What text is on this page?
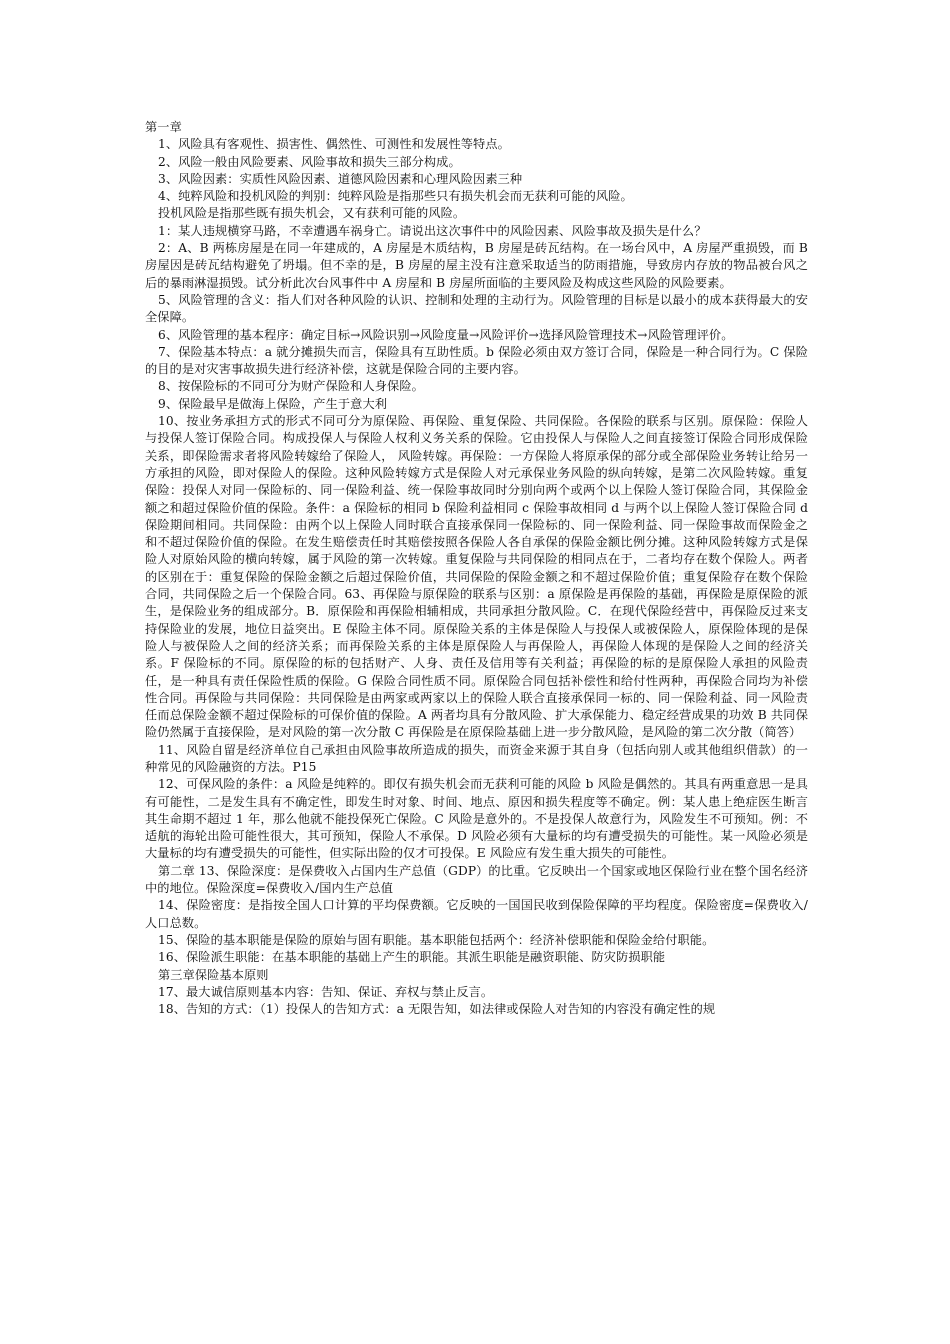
第一章

1、风险具有客观性、损害性、偶然性、可测性和发展性等特点。

2、风险一般由风险要素、风险事故和损失三部分构成。

3、风险因素：实质性风险因素、道德风险因素和心理风险因素三种

4、纯粹风险和投机风险的判别：纯粹风险是指那些只有损失机会而无获利可能的风险。

投机风险是指那些既有损失机会，又有获利可能的风险。

1：某人违规横穿马路，不幸遭遇车祸身亡。请说出这次事件中的风险因素、风险事故及损失是什么？

2：A、B 两栋房屋是在同一年建成的，A 房屋是木质结构，B 房屋是砖瓦结构。在一场台风中，A 房屋严重损毁，而 B 房屋因是砖瓦结构避免了坍塌。但不幸的是，B 房屋的屋主没有注意采取适当的防雨措施，导致房内存放的物品被台风之后的暴雨淋湿损毁。试分析此次台风事件中 A 房屋和 B 房屋所面临的主要风险及构成这些风险的风险要素。

5、风险管理的含义：指人们对各种风险的认识、控制和处理的主动行为。风险管理的目标是以最小的成本获得最大的安全保障。

6、风险管理的基本程序：确定目标→风险识别→风险度量→风险评价→选择风险管理技术→风险管理评价。

7、保险基本特点：a 就分摊损失而言，保险具有互助性质。b 保险必须由双方签订合同，保险是一种合同行为。C 保险的目的是对灾害事故损失进行经济补偿，这就是保险合同的主要内容。

8、按保险标的不同可分为财产保险和人身保险。

9、保险最早是做海上保险，产生于意大利

10、按业务承担方式的形式不同可分为原保险、再保险、重复保险、共同保险。各保险的联系与区别。原保险：保险人与投保人签订保险合同。构成投保人与保险人权利义务关系的保险。它由投保人与保险人之间直接签订保险合同形成保险关系，即保险需求者将风险转嫁给了保险人， 风险转嫁。再保险：一方保险人将原承保的部分或全部保险业务转让给另一方承担的风险，即对保险人的保险。这种风险转嫁方式是保险人对元承保业务风险的纵向转嫁，是第二次风险转嫁。重复保险：投保人对同一保险标的、同一保险利益、统一保险事故同时分别向两个或两个以上保险人签订保险合同，其保险金额之和超过保险价值的保险。条件：a 保险标的相同 b 保险利益相同 c 保险事故相同 d 与两个以上保险人签订保险合同 d 保险期间相同。共同保险：由两个以上保险人同时联合直接承保同一保险标的、同一保险利益、同一保险事故而保险金之和不超过保险价值的保险。在发生赔偿责任时其赔偿按照各保险人各自承保的保险金额比例分摊。这种风险转嫁方式是保险人对原始风险的横向转嫁，属于风险的第一次转嫁。重复保险与共同保险的相同点在于，二者均存在数个保险人。两者的区别在于：重复保险的保险金额之后超过保险价值，共同保险的保险金额之和不超过保险价值；重复保险存在数个保险合同，共同保险之后一个保险合同。63、再保险与原保险的联系与区别：a 原保险是再保险的基础，再保险是原保险的派生，是保险业务的组成部分。B．原保险和再保险相辅相成，共同承担分散风险。C．在现代保险经营中，再保险反过来支持保险业的发展，地位日益突出。E 保险主体不同。原保险关系的主体是保险人与投保人或被保险人，原保险体现的是保险人与被保险人之间的经济关系；而再保险关系的主体是原保险人与再保险人，再保险人体现的是保险人之间的经济关系。F 保险标的不同。原保险的标的包括财产、人身、责任及信用等有关利益；再保险的标的是原保险人承担的风险责任，是一种具有责任保险性质的保险。G 保险合同性质不同。原保险合同包括补偿性和给付性两种，再保险合同均为补偿性合同。再保险与共同保险：共同保险是由两家或两家以上的保险人联合直接承保同一标的、同一保险利益、同一风险责任而总保险金额不超过保险标的可保价值的保险。A 两者均具有分散风险、扩大承保能力、稳定经营成果的功效 B 共同保险仍然属于直接保险，是对风险的第一次分散 C 再保险是在原保险基础上进一步分散风险，是风险的第二次分散（简答）

11、风险自留是经济单位自己承担由风险事故所造成的损失，而资金来源于其自身（包括向别人或其他组织借款）的一种常见的风险融资的方法。P15

12、可保风险的条件：a 风险是纯粹的。即仅有损失机会而无获利可能的风险 b 风险是偶然的。其具有两重意思一是具有可能性，二是发生具有不确定性，即发生时对象、时间、地点、原因和损失程度等不确定。例：某人患上绝症医生断言其生命期不超过 1 年，那么他就不能投保死亡保险。C 风险是意外的。不是投保人故意行为，风险发生不可预知。例：不适航的海轮出险可能性很大，其可预知，保险人不承保。D 风险必须有大量标的均有遭受损失的可能性。某一风险必须是大量标的均有遭受损失的可能性，但实际出险的仅才可投保。E 风险应有发生重大损失的可能性。

第二章 13、保险深度：是保费收入占国内生产总值（GDP）的比重。它反映出一个国家或地区保险行业在整个国名经济中的地位。保险深度=保费收入/国内生产总值

14、保险密度：是指按全国人口计算的平均保费额。它反映的一国国民收到保险保障的平均程度。保险密度=保费收入/人口总数。

15、保险的基本职能是保险的原始与固有职能。基本职能包括两个：经济补偿职能和保险金给付职能。

16、保险派生职能：在基本职能的基础上产生的职能。其派生职能是融资职能、防灾防损职能

第三章保险基本原则

17、最大诚信原则基本内容：告知、保证、弃权与禁止反言。

18、告知的方式：（1）投保人的告知方式：a 无限告知，如法律或保险人对告知的内容没有确定性的规
